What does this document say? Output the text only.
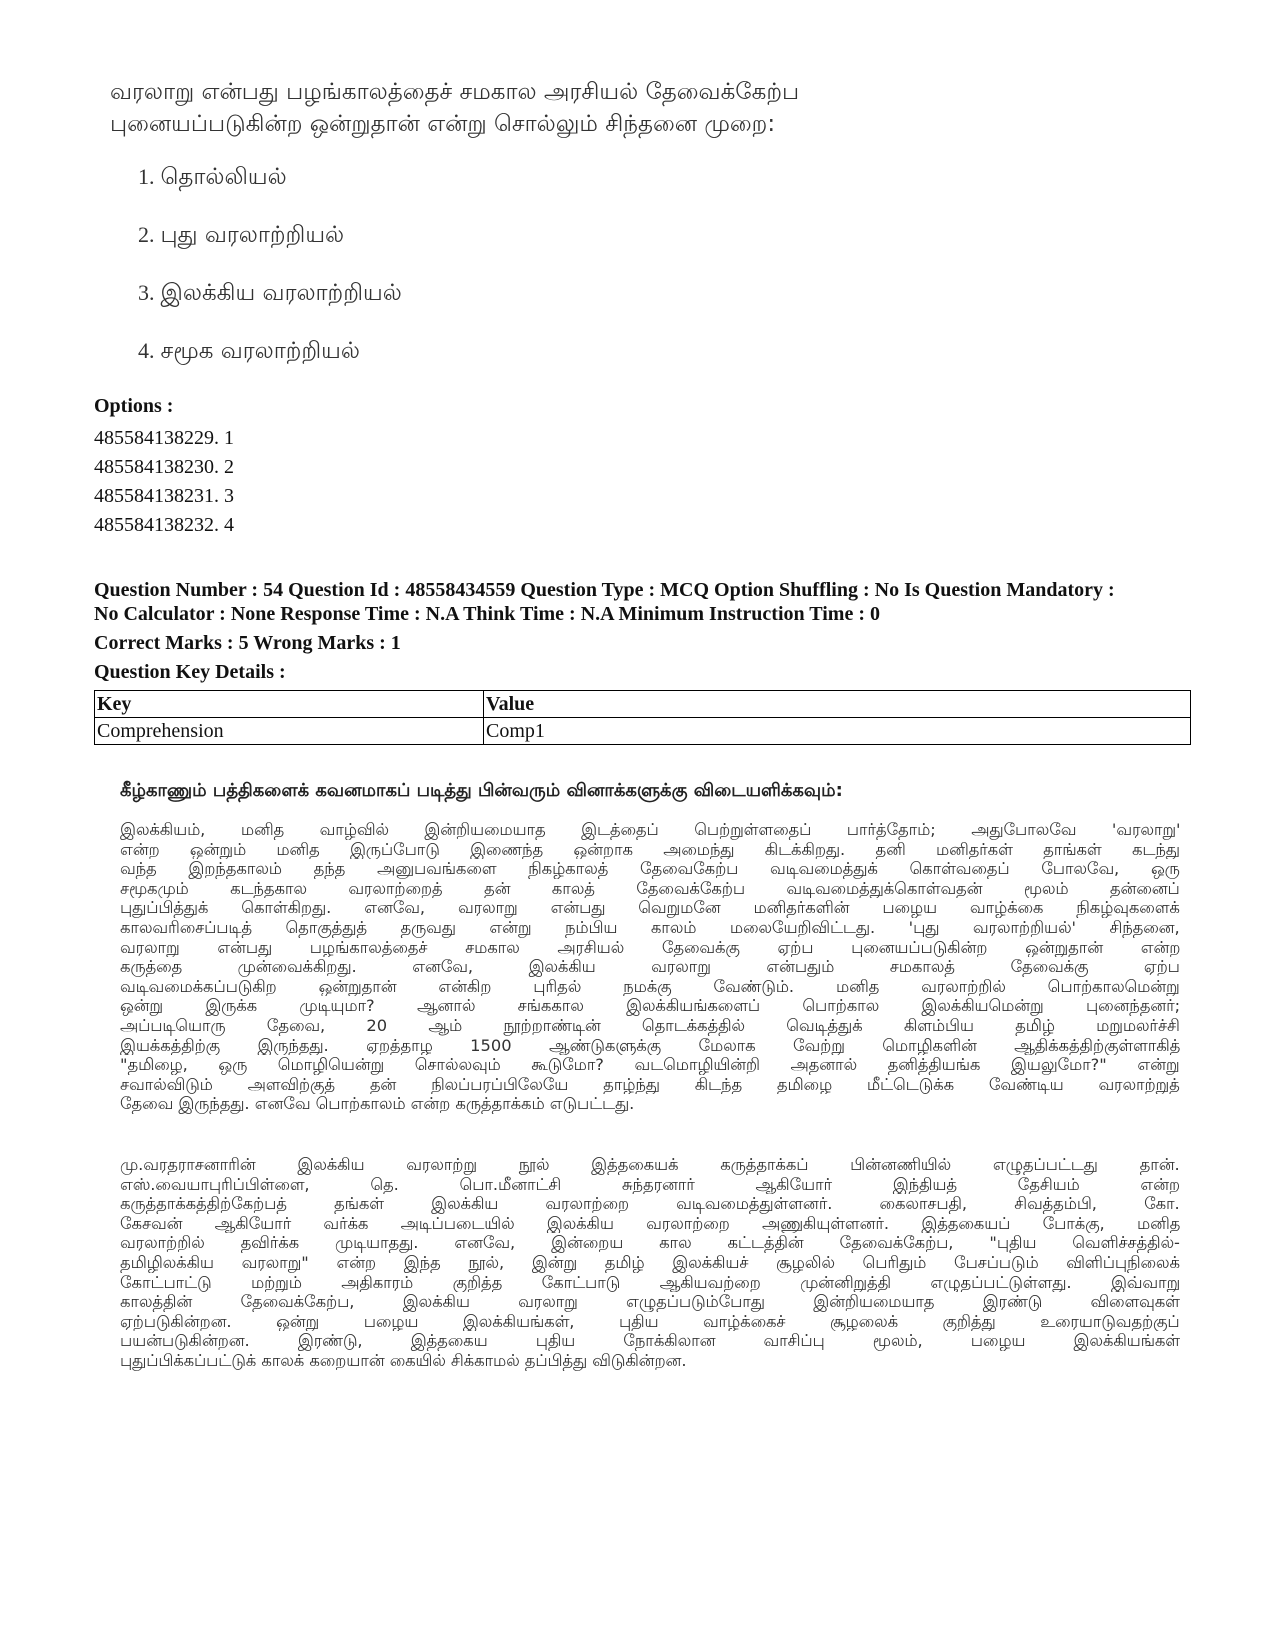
வரலாறு என்பது பழங்காலத்தைச் சமகால அரசியல் தேவைக்கேற்ப
புனையப்படுகின்ற ஒன்றுதான் என்று சொல்லும் சிந்தனை முறை:
1. தொல்லியல்
2. புது வரலாற்றியல்
3. இலக்கிய வரலாற்றியல்
4. சமூக வரலாற்றியல்
Options :
485584138229. 1
485584138230. 2
485584138231. 3
485584138232. 4
Question Number : 54 Question Id : 48558434559 Question Type : MCQ Option Shuffling : No Is Question Mandatory :
No Calculator : None Response Time : N.A Think Time : N.A Minimum Instruction Time : 0
Correct Marks : 5 Wrong Marks : 1
Question Key Details :
Key	Value
Comprehension	Comp1
கீழ்காணும் பத்திகளைக் கவனமாகப் படித்து பின்வரும் வினாக்களுக்கு விடையளிக்கவும்:
இலக்கியம், மனித வாழ்வில் இன்றியமையாத இடத்தைப் பெற்றுள்ளதைப் பார்த்தோம்; அதுபோலவே 'வரலாறு'
என்ற ஒன்றும் மனித இருப்போடு இணைந்த ஒன்றாக அமைந்து கிடக்கிறது. தனி மனிதர்கள் தாங்கள் கடந்து
வந்த இறந்தகாலம் தந்த அனுபவங்களை நிகழ்காலத் தேவைகேற்ப வடிவமைத்துக் கொள்வதைப் போலவே, ஒரு
சமூகமும் கடந்தகால வரலாற்றைத் தன் காலத் தேவைக்கேற்ப வடிவமைத்துக்கொள்வதன் மூலம் தன்னைப்
புதுப்பித்துக் கொள்கிறது. எனவே, வரலாறு என்பது வெறுமனே மனிதர்களின் பழைய வாழ்க்கை நிகழ்வுகளைக்
காலவரிசைப்படித் தொகுத்துத் தருவது என்று நம்பிய காலம் மலையேறிவிட்டது. 'புது வரலாற்றியல்' சிந்தனை,
வரலாறு என்பது பழங்காலத்தைச் சமகால அரசியல் தேவைக்கு ஏற்ப புனையப்படுகின்ற ஒன்றுதான் என்ற
கருத்தை முன்வைக்கிறது. எனவே, இலக்கிய வரலாறு என்பதும் சமகாலத் தேவைக்கு ஏற்ப
வடிவமைக்கப்படுகிற ஒன்றுதான் என்கிற புரிதல் நமக்கு வேண்டும். மனித வரலாற்றில் பொற்காலமென்று
ஒன்று இருக்க முடியுமா? ஆனால் சங்ககால இலக்கியங்களைப் பொற்கால இலக்கியமென்று புனைந்தனர்;
அப்படியொரு தேவை, 20 ஆம் நூற்றாண்டின் தொடக்கத்தில் வெடித்துக் கிளம்பிய தமிழ் மறுமலர்ச்சி
இயக்கத்திற்கு இருந்தது. ஏறத்தாழ 1500 ஆண்டுகளுக்கு மேலாக வேற்று மொழிகளின் ஆதிக்கத்திற்குள்ளாகித்
"தமிழை, ஒரு மொழியென்று சொல்லவும் கூடுமோ? வடமொழியின்றி அதனால் தனித்தியங்க இயலுமோ?" என்று
சவால்விடும் அளவிற்குத் தன் நிலப்பரப்பிலேயே தாழ்ந்து கிடந்த தமிழை மீட்டெடுக்க வேண்டிய வரலாற்றுத்
தேவை இருந்தது. எனவே பொற்காலம் என்ற கருத்தாக்கம் எடுபட்டது.
மு.வரதராசனாரின் இலக்கிய வரலாற்று நூல் இத்தகையக் கருத்தாக்கப் பின்னணியில் எழுதப்பட்டது தான்.
எஸ்.வையாபுரிப்பிள்ளை, தெ. பொ.மீனாட்சி சுந்தரனார் ஆகியோர் இந்தியத் தேசியம் என்ற
கருத்தாக்கத்திற்கேற்பத் தங்கள் இலக்கிய வரலாற்றை வடிவமைத்துள்ளனர். கைலாசபதி, சிவத்தம்பி, கோ.
கேசவன் ஆகியோர் வர்க்க அடிப்படையில் இலக்கிய வரலாற்றை அணுகியுள்ளனர். இத்தகையப் போக்கு, மனித
வரலாற்றில் தவிர்க்க முடியாதது. எனவே, இன்றைய கால கட்டத்தின் தேவைக்கேற்ப, "புதிய வெளிச்சத்தில்-
தமிழிலக்கிய வரலாறு" என்ற இந்த நூல், இன்று தமிழ் இலக்கியச் சூழலில் பெரிதும் பேசப்படும் விளிப்புநிலைக்
கோட்பாட்டு மற்றும் அதிகாரம் குறித்த கோட்பாடு ஆகியவற்றை முன்னிறுத்தி எழுதப்பட்டுள்ளது. இவ்வாறு
காலத்தின் தேவைக்கேற்ப, இலக்கிய வரலாறு எழுதப்படும்போது இன்றியமையாத இரண்டு விளைவுகள்
ஏற்படுகின்றன. ஒன்று பழைய இலக்கியங்கள், புதிய வாழ்க்கைச் சூழலைக் குறித்து உரையாடுவதற்குப்
பயன்படுகின்றன. இரண்டு, இத்தகைய புதிய நோக்கிலான வாசிப்பு மூலம், பழைய இலக்கியங்கள்
புதுப்பிக்கப்பட்டுக் காலக் கறையான் கையில் சிக்காமல் தப்பித்து விடுகின்றன.
